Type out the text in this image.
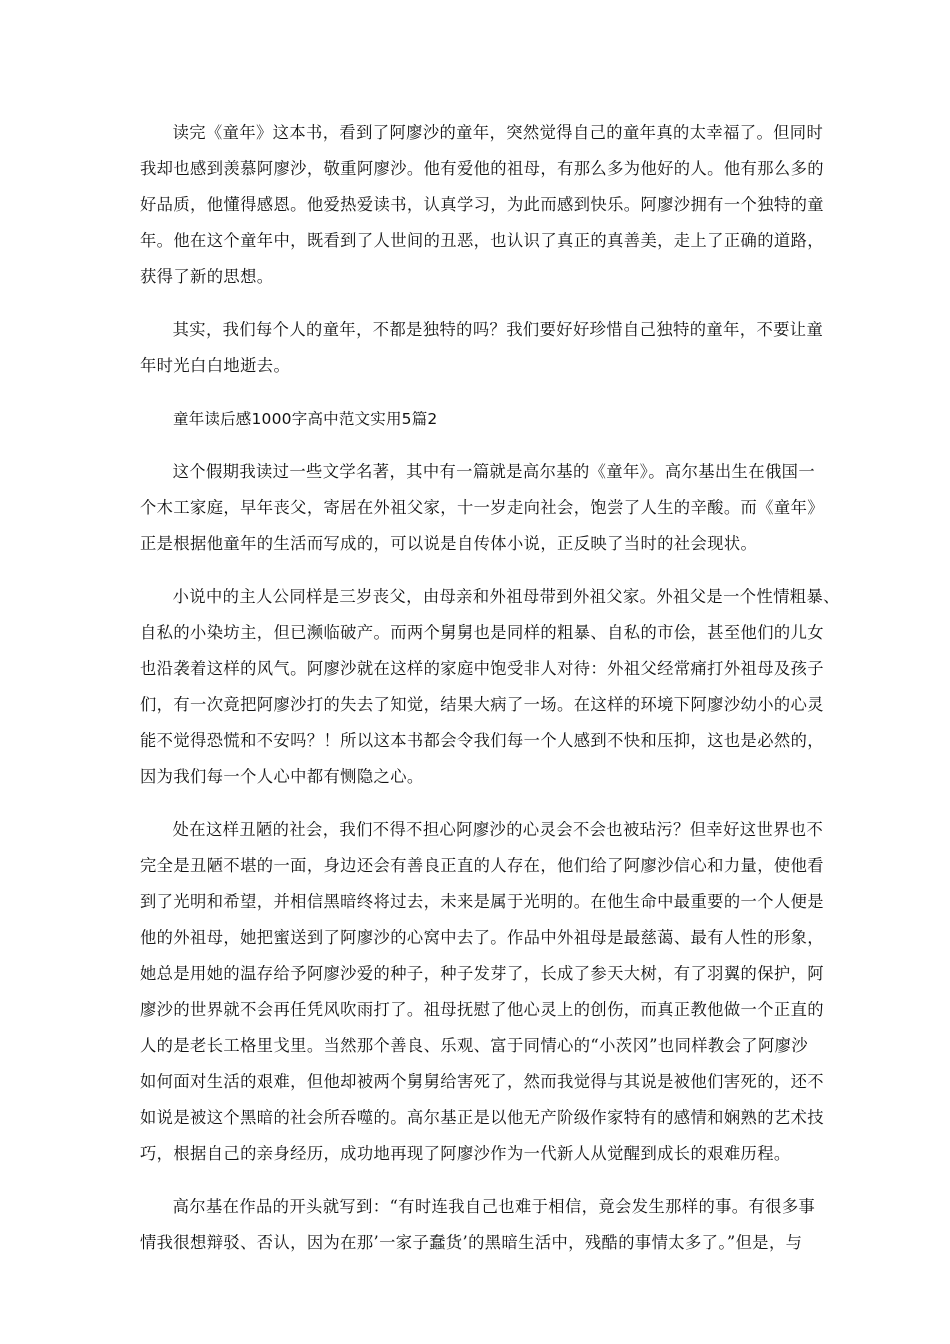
读完《童年》这本书，看到了阿廖沙的童年，突然觉得自己的童年真的太幸福了。但同时
我却也感到羡慕阿廖沙，敬重阿廖沙。他有爱他的祖母，有那么多为他好的人。他有那么多的
好品质，他懂得感恩。他爱热爱读书，认真学习，为此而感到快乐。阿廖沙拥有一个独特的童
年。他在这个童年中，既看到了人世间的丑恶，也认识了真正的真善美，走上了正确的道路，
获得了新的思想。

其实，我们每个人的童年，不都是独特的吗？我们要好好珍惜自己独特的童年，不要让童
年时光白白地逝去。

童年读后感1000字高中范文实用5篇2

这个假期我读过一些文学名著，其中有一篇就是高尔基的《童年》。高尔基出生在俄国一
个木工家庭，早年丧父，寄居在外祖父家，十一岁走向社会，饱尝了人生的辛酸。而《童年》
正是根据他童年的生活而写成的，可以说是自传体小说，正反映了当时的社会现状。

小说中的主人公同样是三岁丧父，由母亲和外祖母带到外祖父家。外祖父是一个性情粗暴、
自私的小染坊主，但已濒临破产。而两个舅舅也是同样的粗暴、自私的市侩，甚至他们的儿女
也沿袭着这样的风气。阿廖沙就在这样的家庭中饱受非人对待：外祖父经常痛打外祖母及孩子
们，有一次竟把阿廖沙打的失去了知觉，结果大病了一场。在这样的环境下阿廖沙幼小的心灵
能不觉得恐慌和不安吗？！所以这本书都会令我们每一个人感到不快和压抑，这也是必然的，
因为我们每一个人心中都有恻隐之心。

处在这样丑陋的社会，我们不得不担心阿廖沙的心灵会不会也被玷污？但幸好这世界也不
完全是丑陋不堪的一面，身边还会有善良正直的人存在，他们给了阿廖沙信心和力量，使他看
到了光明和希望，并相信黑暗终将过去，未来是属于光明的。在他生命中最重要的一个人便是
他的外祖母，她把蜜送到了阿廖沙的心窝中去了。作品中外祖母是最慈蔼、最有人性的形象，
她总是用她的温存给予阿廖沙爱的种子，种子发芽了，长成了参天大树，有了羽翼的保护，阿
廖沙的世界就不会再任凭风吹雨打了。祖母抚慰了他心灵上的创伤，而真正教他做一个正直的
人的是老长工格里戈里。当然那个善良、乐观、富于同情心的“小茨冈”也同样教会了阿廖沙
如何面对生活的艰难，但他却被两个舅舅给害死了，然而我觉得与其说是被他们害死的，还不
如说是被这个黑暗的社会所吞噬的。高尔基正是以他无产阶级作家特有的感情和娴熟的艺术技
巧，根据自己的亲身经历，成功地再现了阿廖沙作为一代新人从觉醒到成长的艰难历程。

高尔基在作品的开头就写到：“有时连我自己也难于相信，竟会发生那样的事。有很多事
情我很想辩驳、否认，因为在那’一家子蠢货’的黑暗生活中，残酷的事情太多了。”但是，与
